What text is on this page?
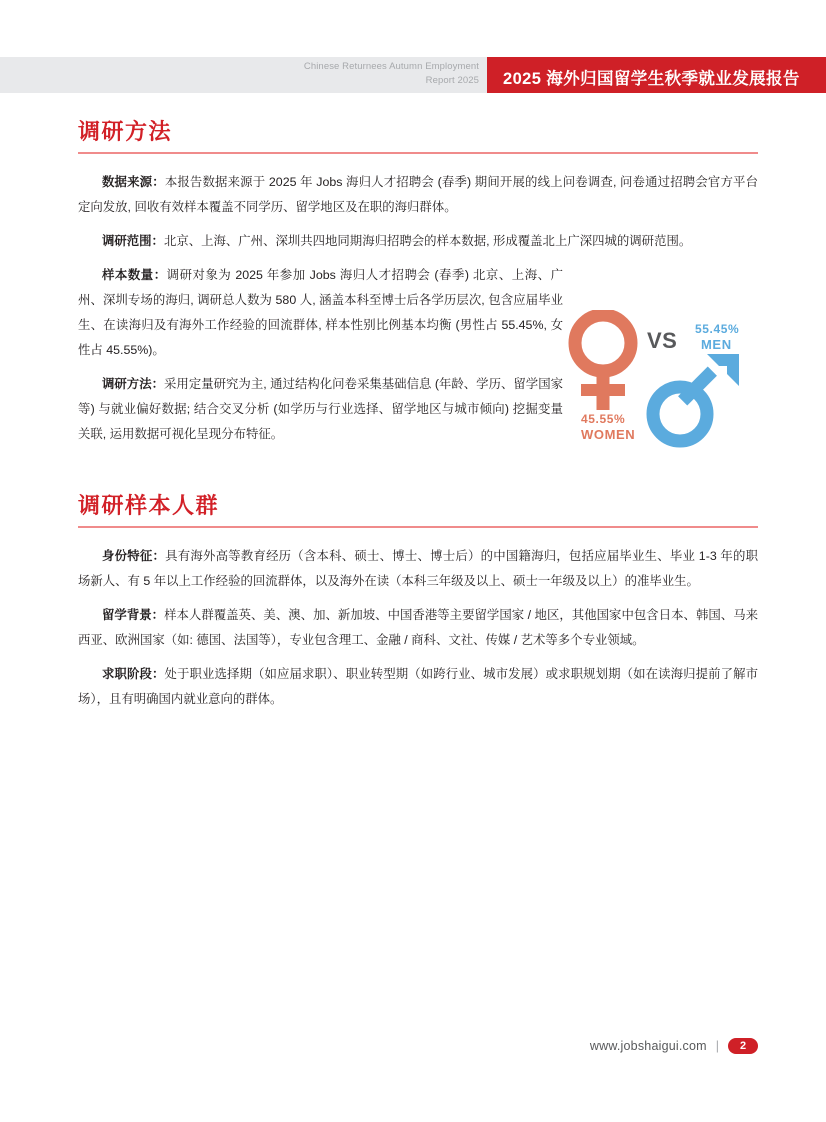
Chinese Returnees Autumn Employment
Report 2025 2025 海外归国留学生秋季就业发展报告
调研方法

数据来源：本报告数据来源于 2025 年 Jobs 海归人才招聘会 (春季) 期间开展的线上问卷调查, 问卷通过招聘会官方平台定向发放, 回收有效样本覆盖不同学历、留学地区及在职的海归群体。

调研范围：北京、上海、广州、深圳共四地同期海归招聘会的样本数据, 形成覆盖北上广深四城的调研范围。

样本数量：调研对象为 2025 年参加 Jobs 海归人才招聘会 (春季) 北京、上海、广州、深圳专场的海归, 调研总人数为 580 人, 涵盖本科至博士后各学历层次, 包含应届毕业生、在读海归及有海外工作经验的回流群体, 样本性别比例基本均衡 (男性占 55.45%, 女性占 45.55%)。

调研方法：采用定量研究为主, 通过结构化问卷采集基础信息 (年龄、学历、留学国家等) 与就业偏好数据; 结合交叉分析 (如学历与行业选择、留学地区与城市倾向) 挖掘变量关联, 运用数据可视化呈现分布特征。

VS 55.45%
MEN
45.55%
WOMEN
调研样本人群

身份特征：具有海外高等教育经历（含本科、硕士、博士、博士后）的中国籍海归，包括应届毕业生、毕业 1-3 年的职场新人、有 5 年以上工作经验的回流群体，以及海外在读（本科三年级及以上、硕士一年级及以上）的准毕业生。

留学背景：样本人群覆盖英、美、澳、加、新加坡、中国香港等主要留学国家 / 地区，其他国家中包含日本、韩国、马来西亚、欧洲国家（如: 德国、法国等），专业包含理工、金融 / 商科、文社、传媒 / 艺术等多个专业领域。

求职阶段：处于职业选择期（如应届求职）、职业转型期（如跨行业、城市发展）或求职规划期（如在读海归提前了解市场），且有明确国内就业意向的群体。

www.jobshaigui.com |	2
